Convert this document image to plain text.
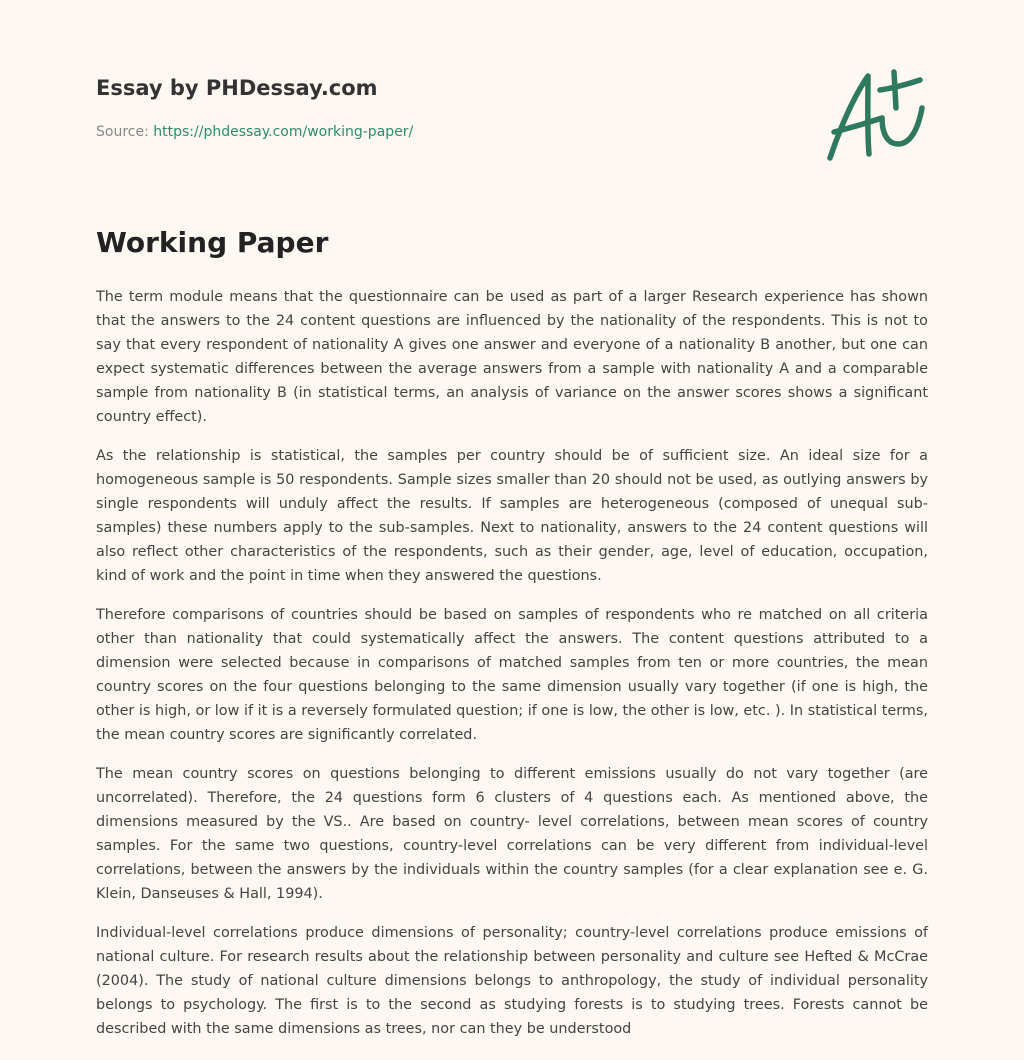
Essay by PHDessay.com
Source: https://phdessay.com/working-paper/
Working Paper

The term module means that the questionnaire can be used as part of a larger Research experience has shown that the answers to the 24 content questions are influenced by the nationality of the respondents. This is not to say that every respondent of nationality A gives one answer and everyone of a nationality B another, but one can expect systematic differences between the average answers from a sample with nationality A and a comparable sample from nationality B (in statistical terms, an analysis of variance on the answer scores shows a significant country effect).

As the relationship is statistical, the samples per country should be of sufficient size. An ideal size for a homogeneous sample is 50 respondents. Sample sizes smaller than 20 should not be used, as outlying answers by single respondents will unduly affect the results. If samples are heterogeneous (composed of unequal sub-samples) these numbers apply to the sub-samples. Next to nationality, answers to the 24 content questions will also reflect other characteristics of the respondents, such as their gender, age, level of education, occupation, kind of work and the point in time when they answered the questions.

Therefore comparisons of countries should be based on samples of respondents who re matched on all criteria other than nationality that could systematically affect the answers. The content questions attributed to a dimension were selected because in comparisons of matched samples from ten or more countries, the mean country scores on the four questions belonging to the same dimension usually vary together (if one is high, the other is high, or low if it is a reversely formulated question; if one is low, the other is low, etc. ). In statistical terms, the mean country scores are significantly correlated.

The mean country scores on questions belonging to different emissions usually do not vary together (are uncorrelated). Therefore, the 24 questions form 6 clusters of 4 questions each. As mentioned above, the dimensions measured by the VS.. Are based on country- level correlations, between mean scores of country samples. For the same two questions, country-level correlations can be very different from individual-level correlations, between the answers by the individuals within the country samples (for a clear explanation see e. G. Klein, Danseuses & Hall, 1994).

Individual-level correlations produce dimensions of personality; country-level correlations produce emissions of national culture. For research results about the relationship between personality and culture see Hefted & McCrae (2004). The study of national culture dimensions belongs to anthropology, the study of individual personality belongs to psychology. The first is to the second as studying forests is to studying trees. Forests cannot be described with the same dimensions as trees, nor can they be understood
